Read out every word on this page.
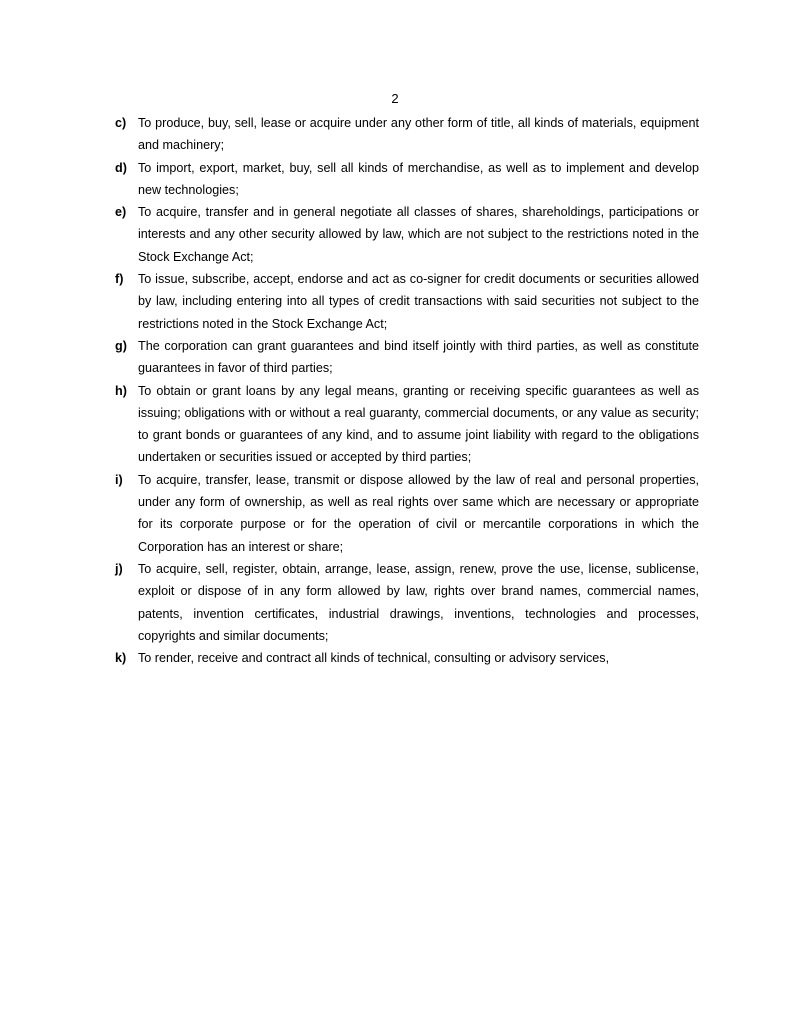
2
c) To produce, buy, sell, lease or acquire under any other form of title, all kinds of materials, equipment and machinery;
d) To import, export, market, buy, sell all kinds of merchandise, as well as to implement and develop new technologies;
e) To acquire, transfer and in general negotiate all classes of shares, shareholdings, participations or interests and any other security allowed by law, which are not subject to the restrictions noted in the Stock Exchange Act;
f)	To issue, subscribe, accept, endorse and act as co-signer for credit documents or securities allowed by law, including entering into all types of credit transactions with said securities not subject to the restrictions noted in the Stock Exchange Act;
g) The corporation can grant guarantees and bind itself jointly with third parties, as well as constitute guarantees in favor of third parties;
h) To obtain or grant loans by any legal means, granting or receiving specific guarantees as well as issuing; obligations with or without a real guaranty, commercial documents, or any value as security; to grant bonds or guarantees of any kind, and to assume joint liability with regard to the obligations undertaken or securities issued or accepted by third parties;
i)	To acquire, transfer, lease, transmit or dispose allowed by the law of real and personal properties, under any form of ownership, as well as real rights over same which are necessary or appropriate for its corporate purpose or for the operation of civil or mercantile corporations in which the Corporation has an interest or share;
j)	To acquire, sell, register, obtain, arrange, lease, assign, renew, prove the use, license, sublicense, exploit or dispose of in any form allowed by law, rights over brand names, commercial names, patents, invention certificates, industrial drawings, inventions, technologies and processes, copyrights and similar documents;
k) To render, receive and contract all kinds of technical, consulting or advisory services,
